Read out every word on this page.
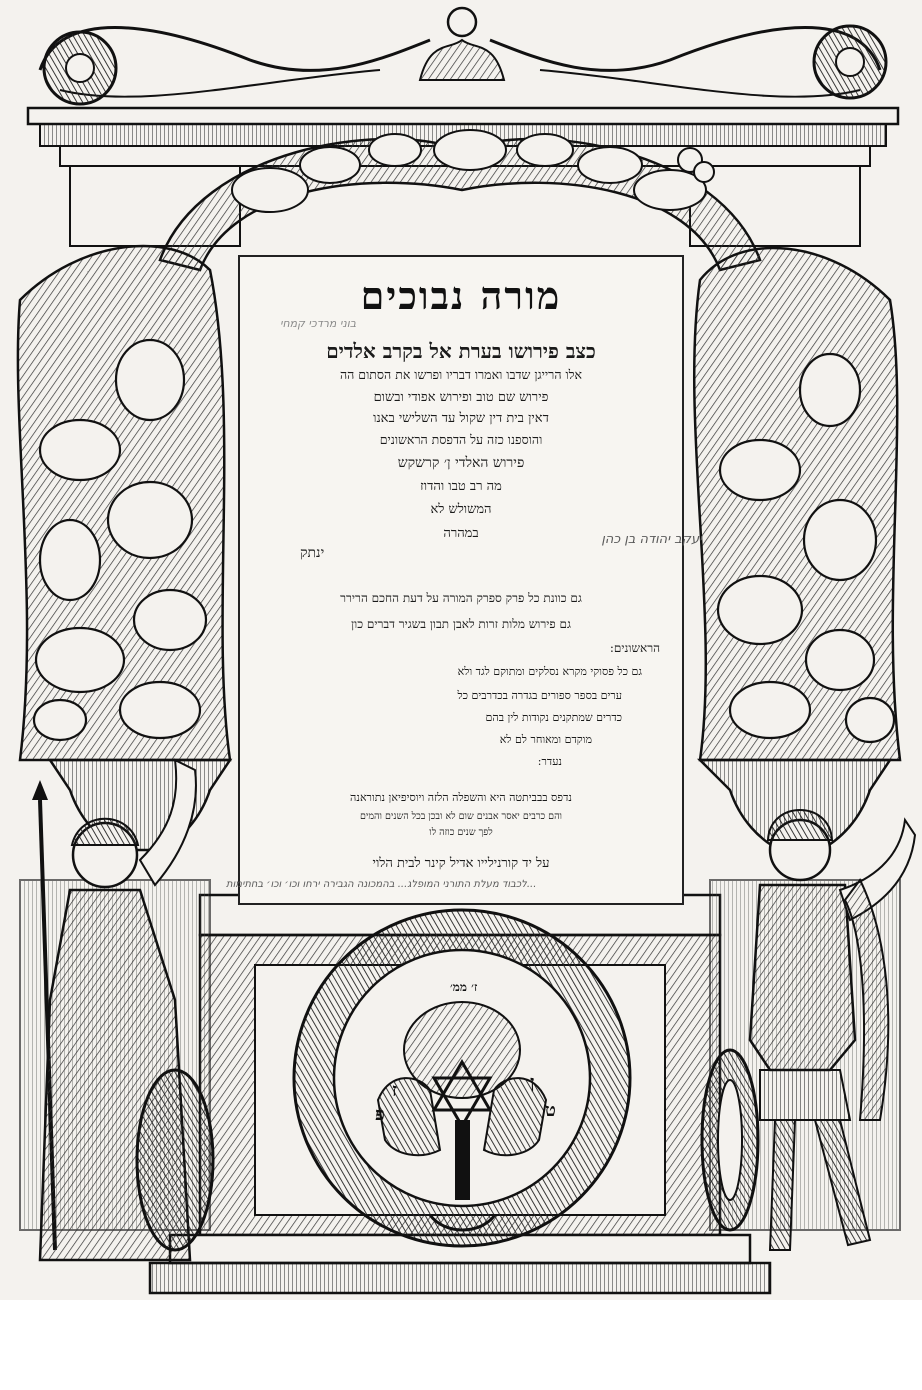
מורה נבוכים
כצב פירושו בערת אל בקרב אלדים
אלו הרייגן שדבו ואמרו דבריו ופרשו את הסתום הה
פירוש שם טוב ופירוש אפודי ובשום
דאין בית דין שקול עד השלישי באנו
והוספנו כזה על הדפסת הראשונים
פירוש האלדי ן׳ קרשקש
מה רב טבו והדוז
המשולש לא
במהרה
ינתק
גם כוונת כל פרק ספרק המורה על דעת החכם הרירר
גם פירוש מלות זרות לאבן תבון בשגיר דברים כון
הראשונים:
גם כל פסוקי מקרא נסלקים ומתוקם לגד ולא
ערים בספר ספורים בגדרה בכדרבים כל
כדרים שמתקנים נקודות לין בהם
מוקדם ומאוחר לם לא
נעדר:
נדפס בבביתטה היא והשפלה הלזה ויוסיפיאן נתוראנה
והם כרבים יאסר אבנים שום לא ובכן בכל השנים והמים
לפך שנים כוזה לו
על יד קורנילייו אדיל קינר לבית הלוי
בוני מרדכי קמחי
יעקב יהודה בן כהן
לכבוד מעלת התורני המופלג... בהמכונה הגבירה ירחו וכו׳ וכו׳ בחתימות...
ז׳ ממ׳
ז	ן
ט
פ
